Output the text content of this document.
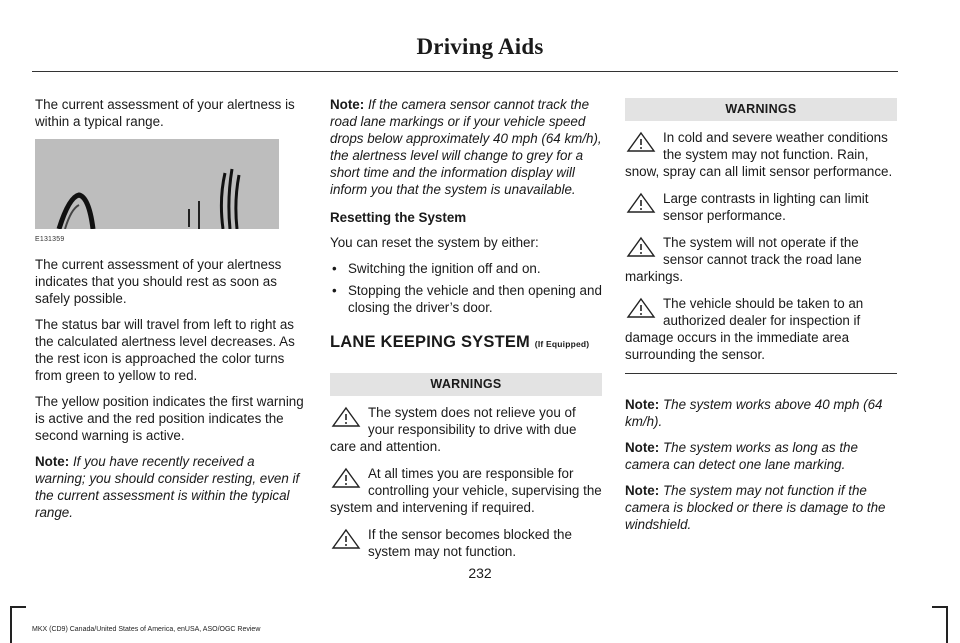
Driving Aids

The current assessment of your alertness is within a typical range.

E131359

The current assessment of your alertness indicates that you should rest as soon as safely possible.

The status bar will travel from left to right as the calculated alertness level decreases. As the rest icon is approached the color turns from green to yellow to red.

The yellow position indicates the first warning is active and the red position indicates the second warning is active.

Note: If you have recently received a warning; you should consider resting, even if the current assessment is within the typical range.

Note: If the camera sensor cannot track the road lane markings or if your vehicle speed drops below approximately 40 mph (64 km/h), the alertness level will change to grey for a short time and the information display will inform you that the system is unavailable.

Resetting the System

You can reset the system by either:

• Switching the ignition off and on.
• Stopping the vehicle and then opening and closing the driver’s door.
LANE KEEPING SYSTEM (If Equipped)
WARNINGS
The system does not relieve you of your responsibility to drive with due care and attention.
At all times you are responsible for controlling your vehicle, supervising the system and intervening if required.
If the sensor becomes blocked the system may not function.
WARNINGS
In cold and severe weather conditions the system may not function. Rain, snow, spray can all limit sensor performance.
Large contrasts in lighting can limit sensor performance.
The system will not operate if the sensor cannot track the road lane markings.
The vehicle should be taken to an authorized dealer for inspection if damage occurs in the immediate area surrounding the sensor.

Note: The system works above 40 mph (64 km/h).

Note: The system works as long as the camera can detect one lane marking.

Note: The system may not function if the camera is blocked or there is damage to the windshield.

232
MKX (CD9) Canada/United States of America, enUSA, ASO/OGC Review
